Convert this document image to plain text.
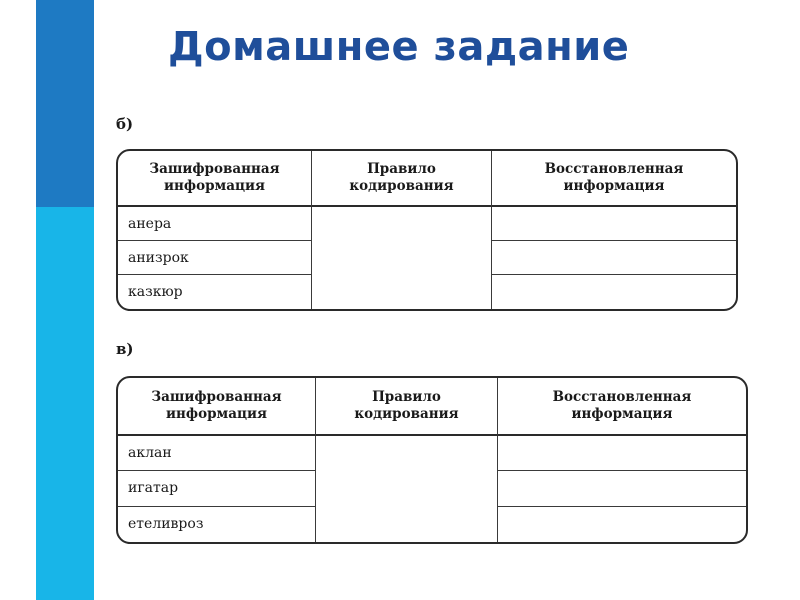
Домашнее задание
б)
Зашифрованная
информация
Правило
кодирования
Восстановленная
информация
анера
анизрок
казкюр
в)
Зашифрованная
информация
Правило
кодирования
Восстановленная
информация
аклан
игатар
етеливроз
